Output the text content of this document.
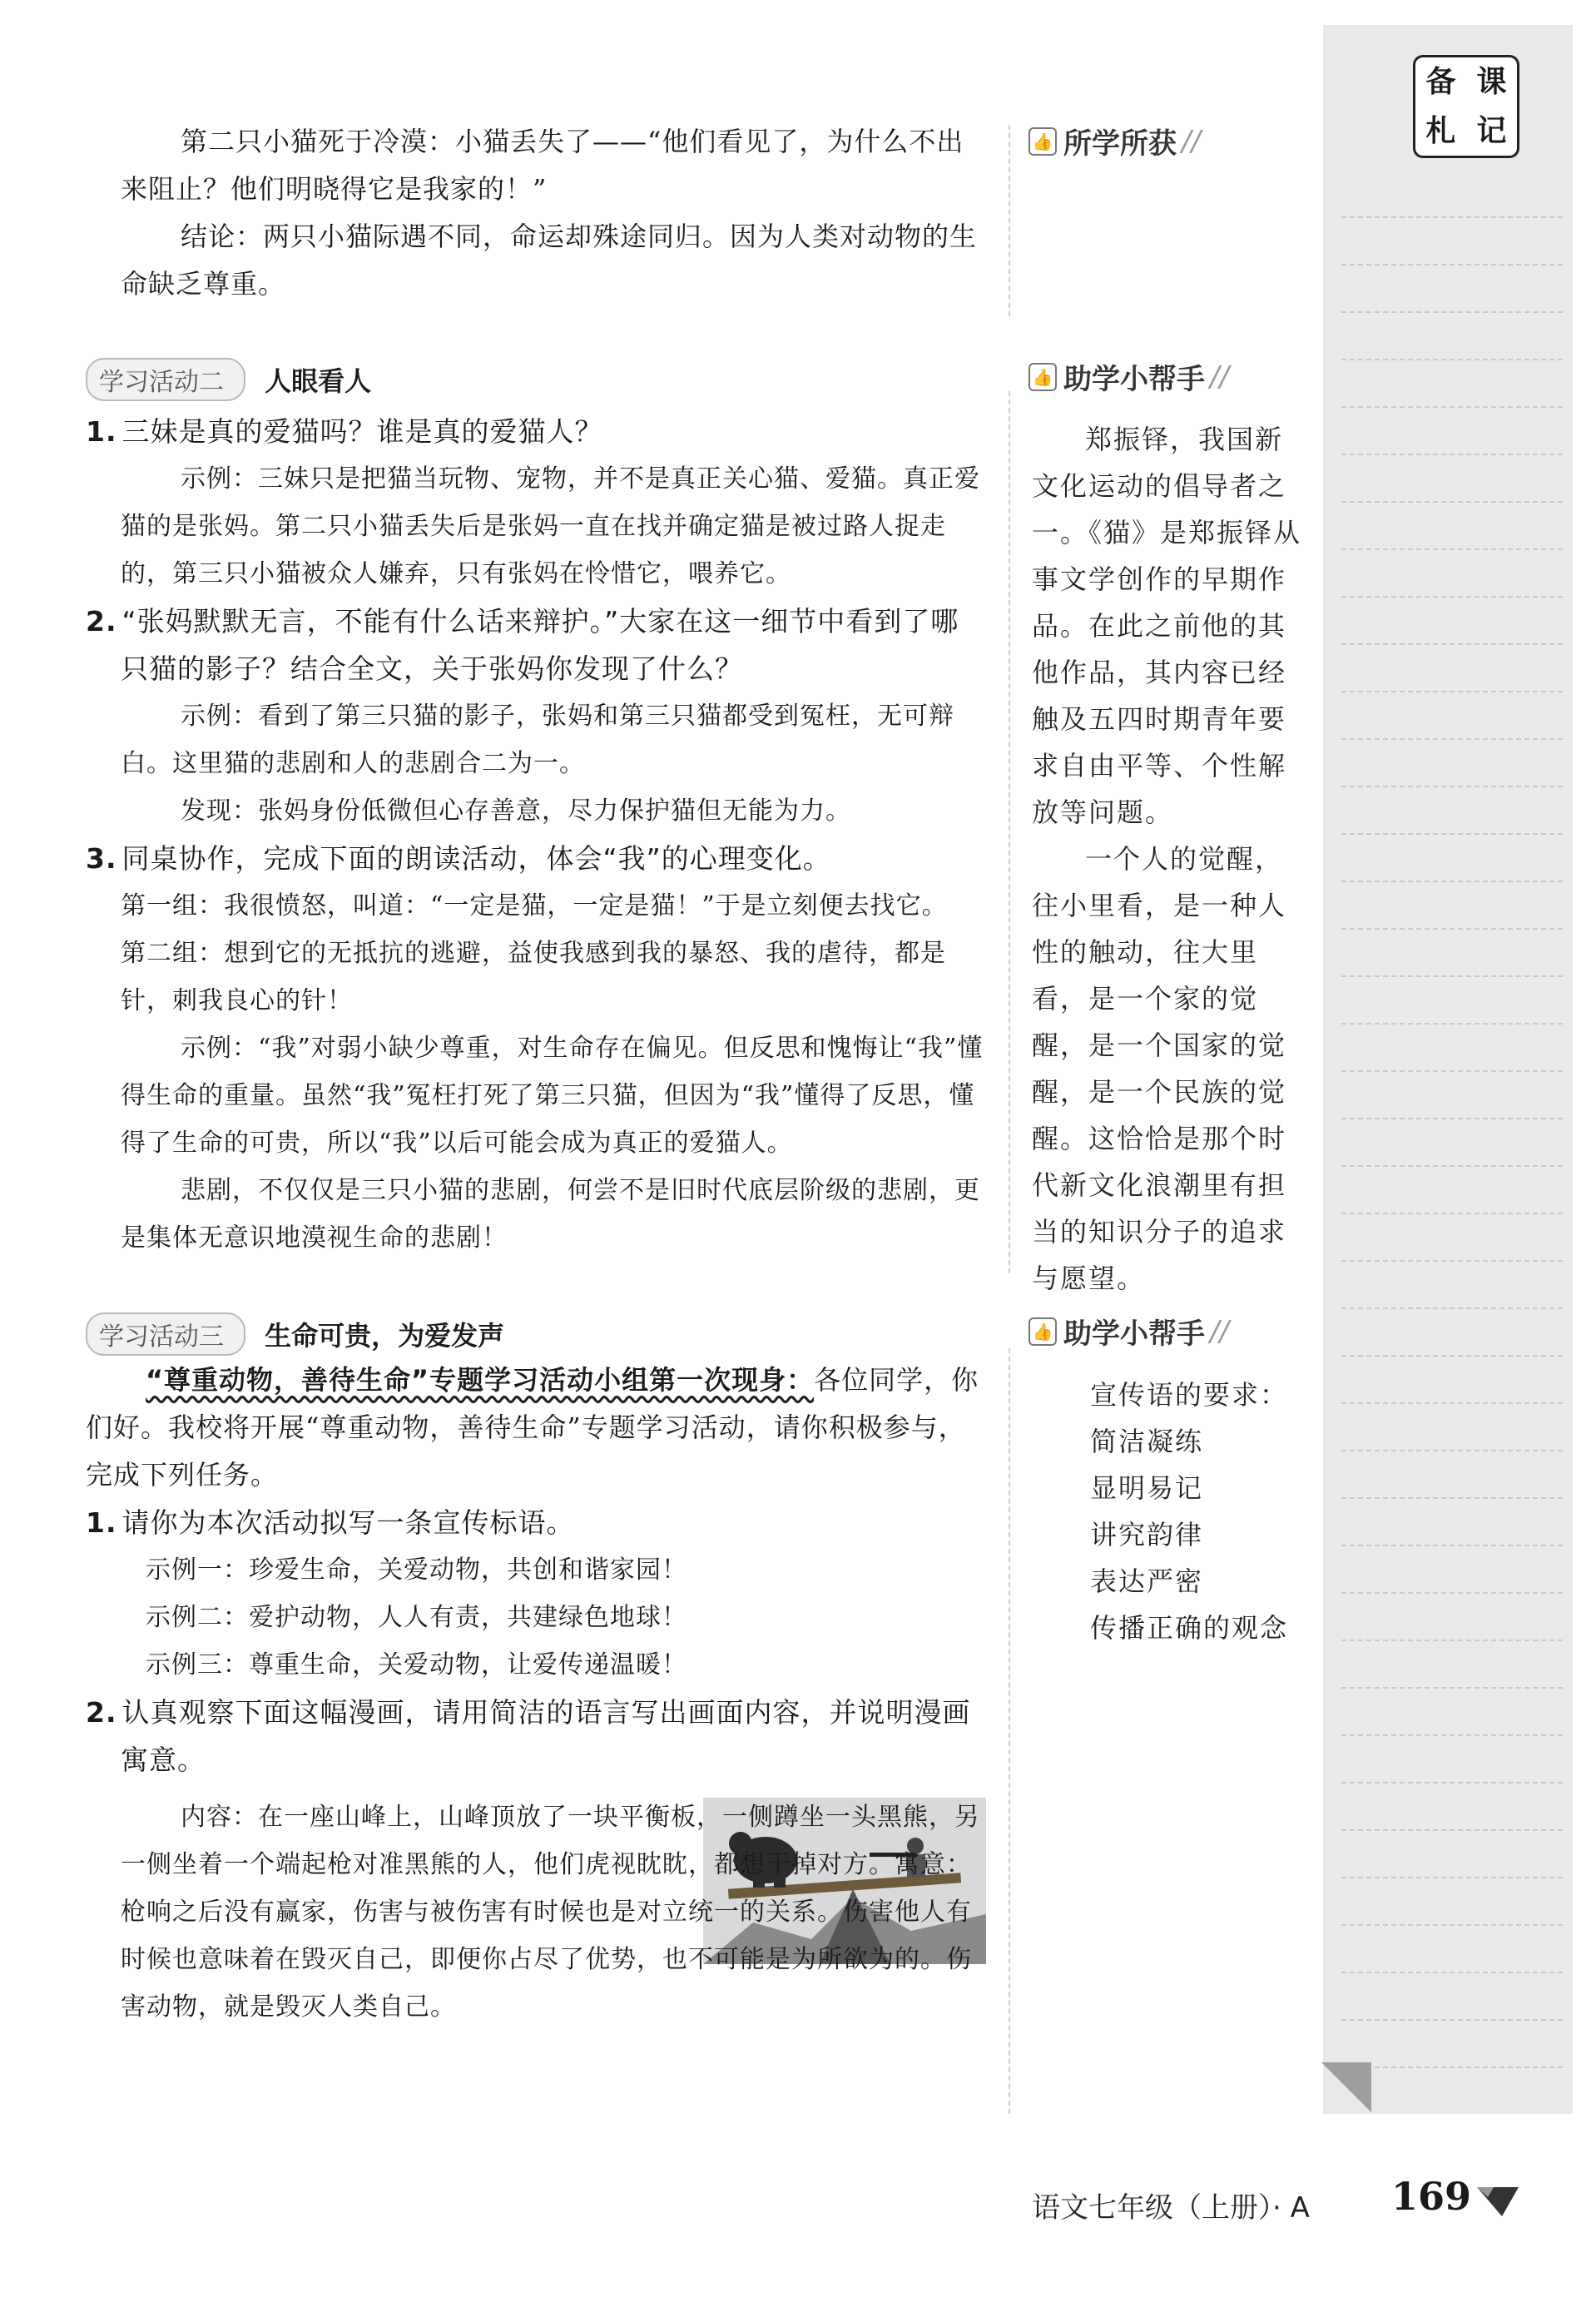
备 课
札 记

第二只小猫死于冷漠：小猫丢失了——“他们看见了，为什么不出来阻止？他们明晓得它是我家的！”

结论：两只小猫际遇不同，命运却殊途同归。因为人类对动物的生命缺乏尊重。

👍 所学所获 //
学习活动二 人眼看人

1. 三妹是真的爱猫吗？谁是真的爱猫人？

示例：三妹只是把猫当玩物、宠物，并不是真正关心猫、爱猫。真正爱猫的是张妈。第二只小猫丢失后是张妈一直在找并确定猫是被过路人捉走的，第三只小猫被众人嫌弃，只有张妈在怜惜它，喂养它。

2. “张妈默默无言，不能有什么话来辩护。”大家在这一细节中看到了哪只猫的影子？结合全文，关于张妈你发现了什么？

示例：看到了第三只猫的影子，张妈和第三只猫都受到冤枉，无可辩白。这里猫的悲剧和人的悲剧合二为一。

发现：张妈身份低微但心存善意，尽力保护猫但无能为力。

3. 同桌协作，完成下面的朗读活动，体会“我”的心理变化。

第一组：我很愤怒，叫道：“一定是猫，一定是猫！”于是立刻便去找它。

第二组：想到它的无抵抗的逃避，益使我感到我的暴怒、我的虐待，都是针，刺我良心的针！

示例：“我”对弱小缺少尊重，对生命存在偏见。但反思和愧悔让“我”懂得生命的重量。虽然“我”冤枉打死了第三只猫，但因为“我”懂得了反思，懂得了生命的可贵，所以“我”以后可能会成为真正的爱猫人。

悲剧，不仅仅是三只小猫的悲剧，何尝不是旧时代底层阶级的悲剧，更是集体无意识地漠视生命的悲剧！

👍 助学小帮手 //

郑振铎，我国新文化运动的倡导者之一。《猫》是郑振铎从事文学创作的早期作品。在此之前他的其他作品，其内容已经触及五四时期青年要求自由平等、个性解放等问题。

一个人的觉醒，往小里看，是一种人性的触动，往大里看，是一个家的觉醒，是一个国家的觉醒，是一个民族的觉醒。这恰恰是那个时代新文化浪潮里有担当的知识分子的追求与愿望。

学习活动三 生命可贵，为爱发声

“尊重动物，善待生命”专题学习活动小组第一次现身：各位同学，你们好。我校将开展“尊重动物，善待生命”专题学习活动，请你积极参与，完成下列任务。

1. 请你为本次活动拟写一条宣传标语。

示例一：珍爱生命，关爱动物，共创和谐家园！

示例二：爱护动物，人人有责，共建绿色地球！

示例三：尊重生命，关爱动物，让爱传递温暖！

2. 认真观察下面这幅漫画，请用简洁的语言写出画面内容，并说明漫画寓意。

内容：在一座山峰上，山峰顶放了一块平衡板，一侧蹲坐一头黑熊，另一侧坐着一个端起枪对准黑熊的人，他们虎视眈眈，都想干掉对方。寓意：枪响之后没有赢家，伤害与被伤害有时候也是对立统一的关系。伤害他人有时候也意味着在毁灭自己，即便你占尽了优势，也不可能是为所欲为的。伤害动物，就是毁灭人类自己。

👍 助学小帮手 //

宣传语的要求：

简洁凝练

显明易记

讲究韵律

表达严密

传播正确的观念

语文七年级（上册）· A 169
